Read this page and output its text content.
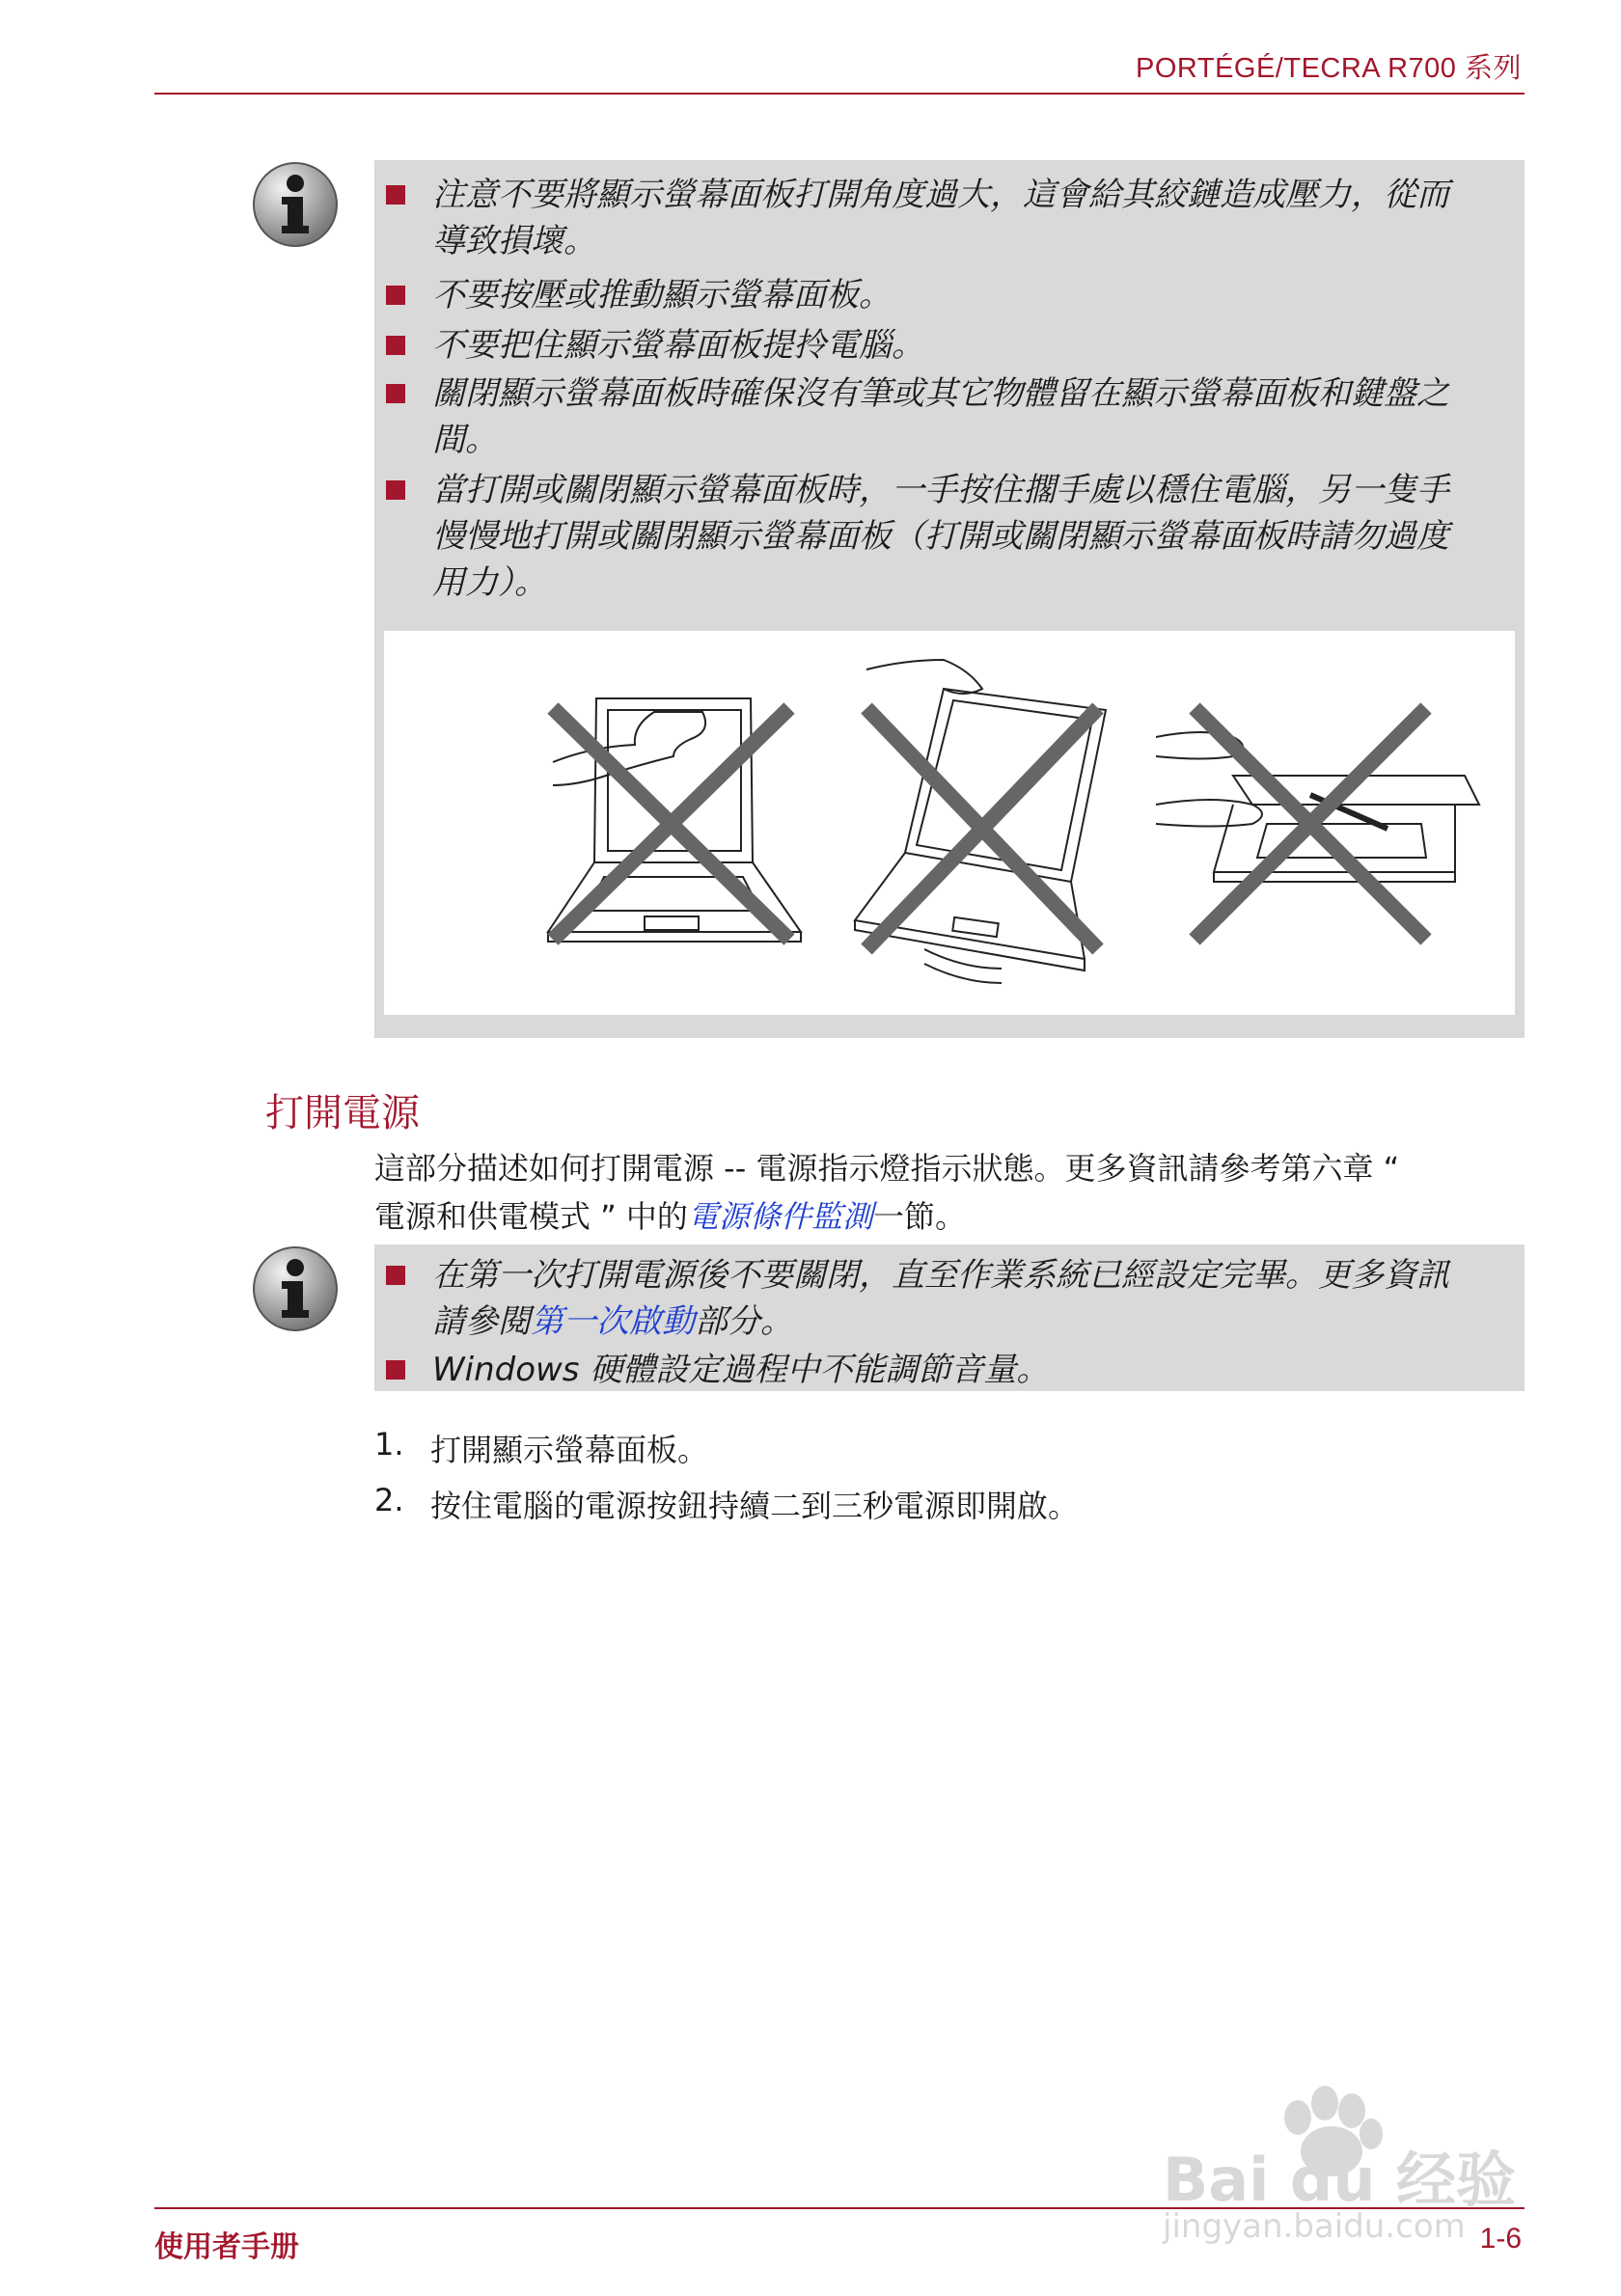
PORTÉGÉ/TECRA R700 系列
注意不要將顯示螢幕面板打開角度過大，這會給其絞鏈造成壓力，從而
導致損壞。
不要按壓或推動顯示螢幕面板。
不要把住顯示螢幕面板提拎電腦。
關閉顯示螢幕面板時確保沒有筆或其它物體留在顯示螢幕面板和鍵盤之
間。
當打開或關閉顯示螢幕面板時，一手按住擱手處以穩住電腦，另一隻手
慢慢地打開或關閉顯示螢幕面板（打開或關閉顯示螢幕面板時請勿過度
用力）。
打開電源
這部分描述如何打開電源 -- 電源指示燈指示狀態。更多資訊請參考第六章 “
電源和供電模式 ” 中的電源條件監測一節。
在第一次打開電源後不要關閉，直至作業系統已經設定完畢。更多資訊
請參閱第一次啟動部分。
Windows 硬體設定過程中不能調節音量。
1. 打開顯示螢幕面板。
2. 按住電腦的電源按鈕持續二到三秒電源即開啟。
使用者手册	1-6
Bai du 经验
jingyan.baidu.com
